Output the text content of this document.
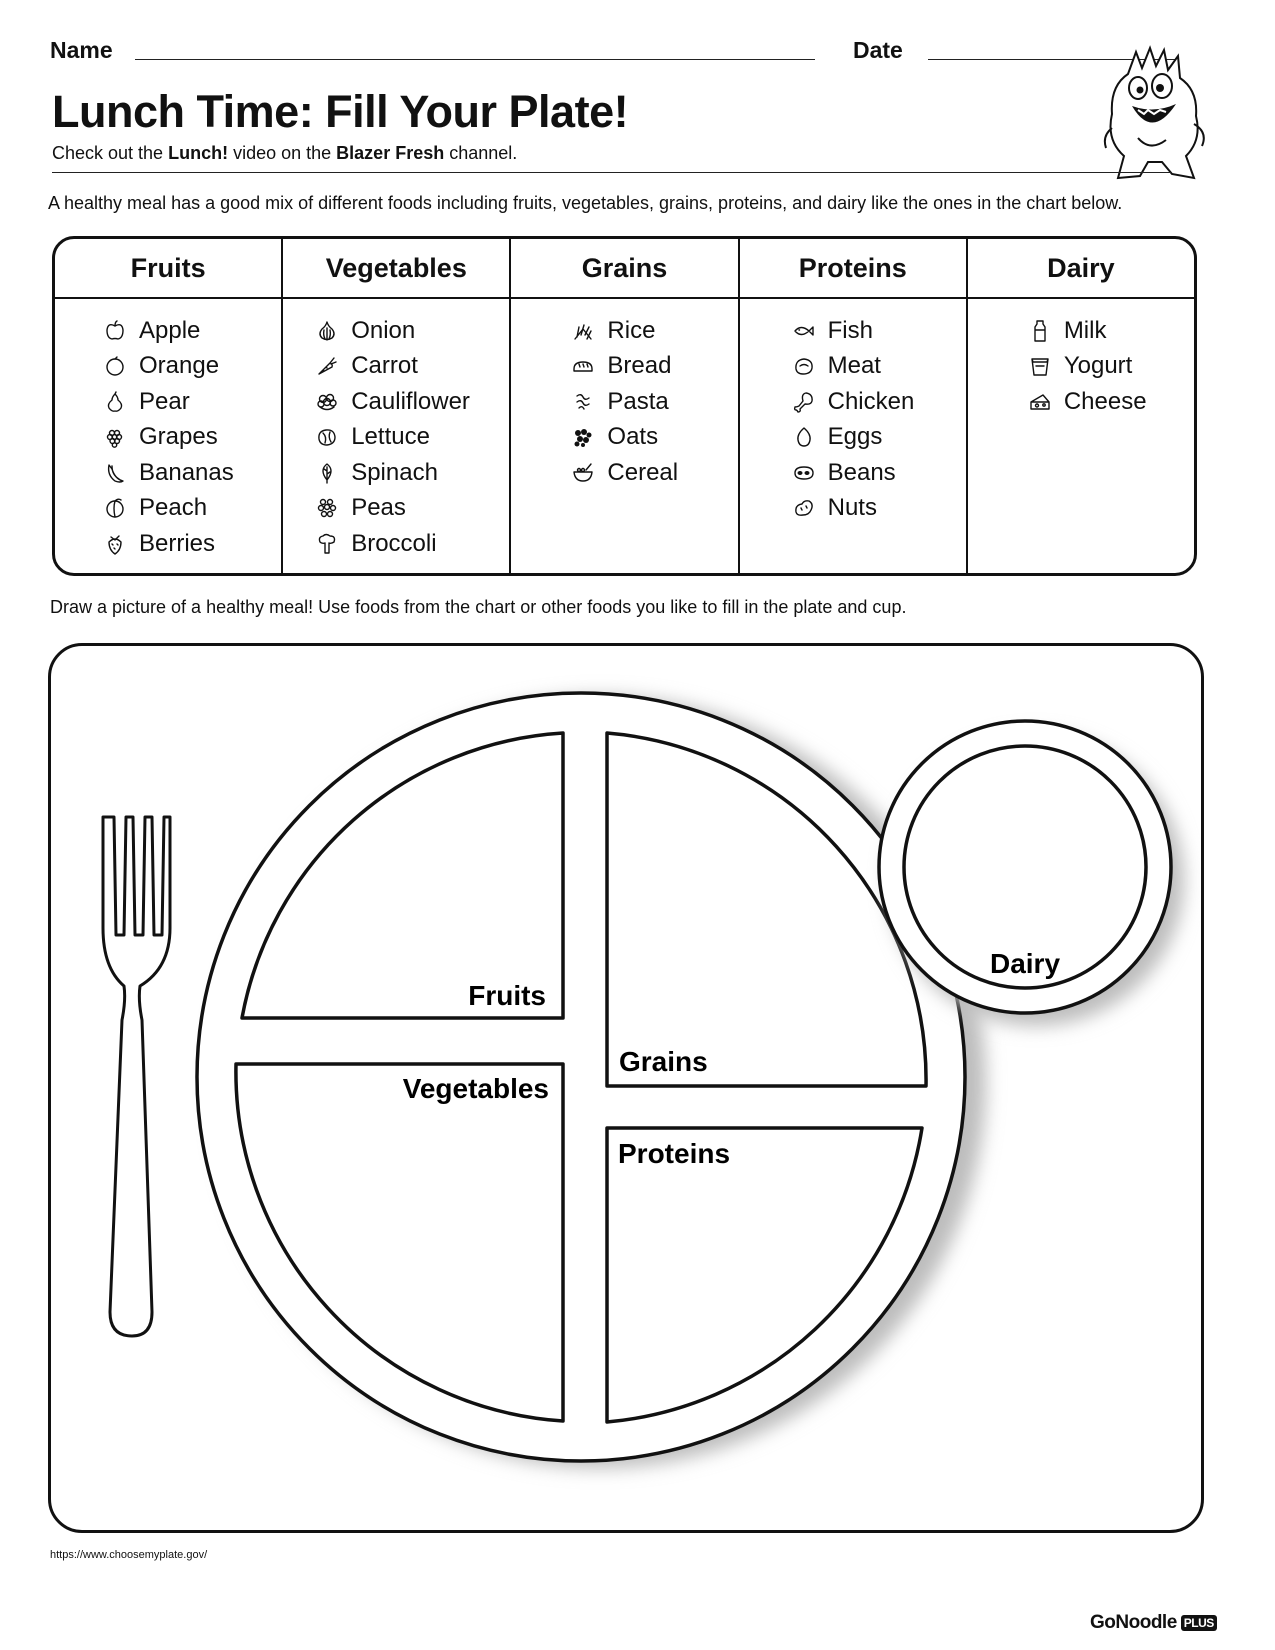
Name	Date
Lunch Time: Fill Your Plate!
Check out the Lunch! video on the Blazer Fresh channel.
A healthy meal has a good mix of different foods including fruits, vegetables, grains, proteins, and dairy like the ones in the chart below.
Fruits
Apple
Orange
Pear
Grapes
Bananas
Peach
Berries
Vegetables
Onion
Carrot
Cauliflower
Lettuce
Spinach
Peas
Broccoli
Grains
Rice
Bread
Pasta
Oats
Cereal
Proteins
Fish
Meat
Chicken
Eggs
Beans
Nuts
Dairy
Milk
Yogurt
Cheese
Draw a picture of a healthy meal! Use foods from the chart or other foods you like to fill in the plate and cup.
Fruits
Grains
Vegetables
Proteins
Dairy
https://www.choosemyplate.gov/
GoNoodle PLUS
